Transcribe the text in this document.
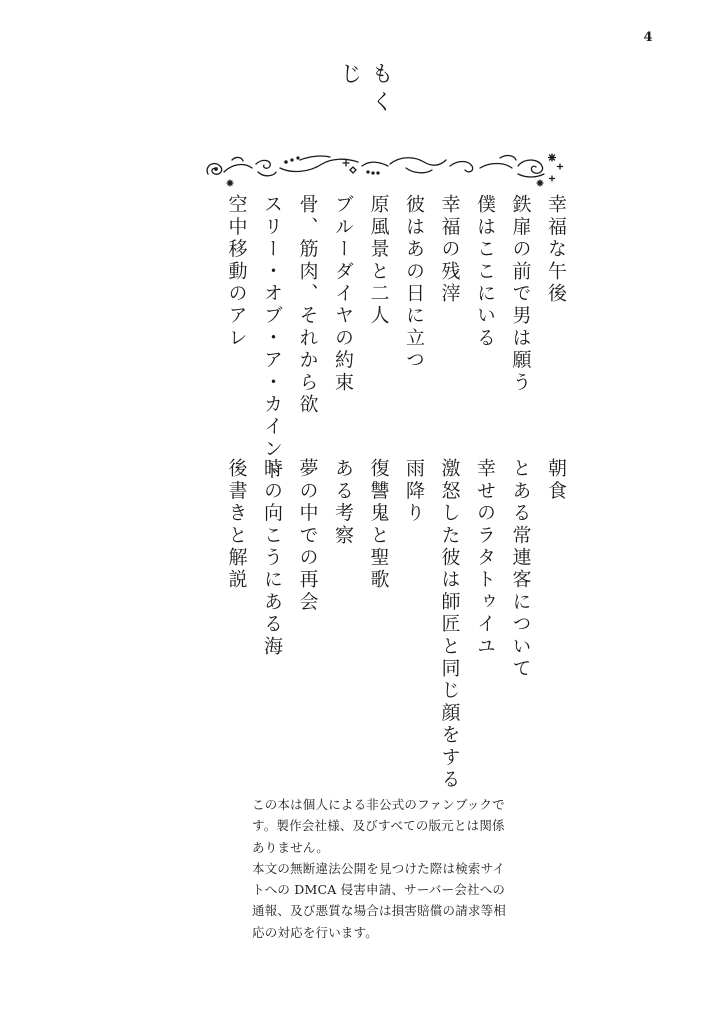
4
もくじ
幸福な午後
鉄扉の前で男は願う
僕はここにいる
幸福の残滓
彼はあの日に立つ
原風景と二人
ブルーダイヤの約束
骨、筋肉、それから欲
スリー・オブ・ア・カインド
空中移動のアレ
朝食
とある常連客について
幸せのラタトゥイユ
激怒した彼は師匠と同じ顔をする
雨降り
復讐鬼と聖歌
ある考察
夢の中での再会
時の向こうにある海
後書きと解説
この本は個人による非公式のファンブックで
す。製作会社様、及びすべての版元とは関係
ありません。
本文の無断違法公開を見つけた際は検索サイ
トへの DMCA 侵害申請、サーバー会社への
通報、及び悪質な場合は損害賠償の請求等相
応の対応を行います。
